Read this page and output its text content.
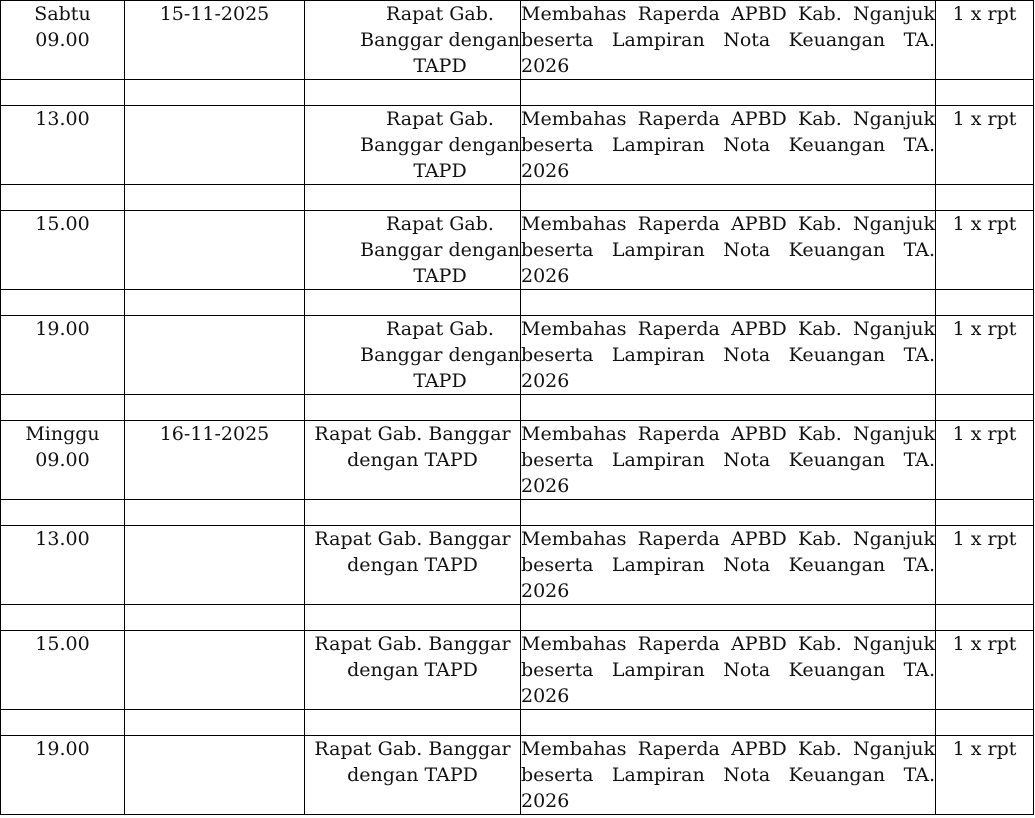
Sabtu
09.00	15-11-2025	Rapat Gab. Banggar dengan TAPD	Membahas Raperda APBD Kab. Nganjuk beserta Lampiran Nota Keuangan TA. 2026	1 x rpt

13.00		Rapat Gab. Banggar dengan TAPD	Membahas Raperda APBD Kab. Nganjuk beserta Lampiran Nota Keuangan TA. 2026	1 x rpt

15.00		Rapat Gab. Banggar dengan TAPD	Membahas Raperda APBD Kab. Nganjuk beserta Lampiran Nota Keuangan TA. 2026	1 x rpt

19.00		Rapat Gab. Banggar dengan TAPD	Membahas Raperda APBD Kab. Nganjuk beserta Lampiran Nota Keuangan TA. 2026	1 x rpt

Minggu
09.00	16-11-2025	Rapat Gab. Banggar dengan TAPD	Membahas Raperda APBD Kab. Nganjuk beserta Lampiran Nota Keuangan TA. 2026	1 x rpt

13.00		Rapat Gab. Banggar dengan TAPD	Membahas Raperda APBD Kab. Nganjuk beserta Lampiran Nota Keuangan TA. 2026	1 x rpt

15.00		Rapat Gab. Banggar dengan TAPD	Membahas Raperda APBD Kab. Nganjuk beserta Lampiran Nota Keuangan TA. 2026	1 x rpt

19.00		Rapat Gab. Banggar dengan TAPD	Membahas Raperda APBD Kab. Nganjuk beserta Lampiran Nota Keuangan TA. 2026	1 x rpt
